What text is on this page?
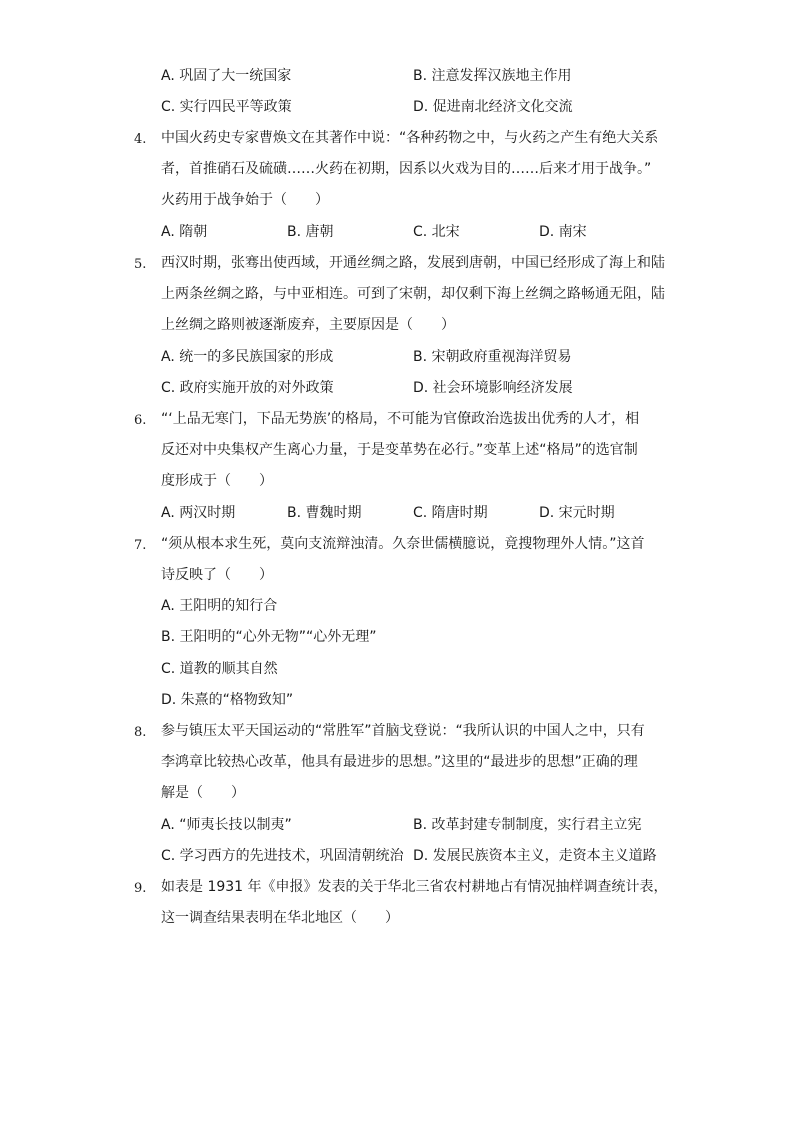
A. 巩固了大一统国家	B. 注意发挥汉族地主作用
C. 实行四民平等政策	D. 促进南北经济文化交流
4. 中国火药史专家曹焕文在其著作中说：“各种药物之中，与火药之产生有绝大关系
者，首推硝石及硫磺……火药在初期，因系以火戏为目的……后来才用于战争。”
火药用于战争始于（　　）
A. 隋朝	B. 唐朝	C. 北宋	D. 南宋
5. 西汉时期，张骞出使西域，开通丝绸之路，发展到唐朝，中国已经形成了海上和陆
上两条丝绸之路，与中亚相连。可到了宋朝，却仅剩下海上丝绸之路畅通无阻，陆
上丝绸之路则被逐渐废弃，主要原因是（　　）
A. 统一的多民族国家的形成	B. 宋朝政府重视海洋贸易
C. 政府实施开放的对外政策	D. 社会环境影响经济发展
6. “‘上品无寒门，下品无势族’的格局，不可能为官僚政治选拔出优秀的人才，相
反还对中央集权产生离心力量，于是变革势在必行。”变革上述“格局”的选官制
度形成于（　　）
A. 两汉时期	B. 曹魏时期	C. 隋唐时期	D. 宋元时期
7. “须从根本求生死，莫向支流辩浊清。久奈世儒横臆说，竟搜物理外人情。”这首
诗反映了（　　）
A. 王阳明的知行合
B. 王阳明的“心外无物”“心外无理”
C. 道教的顺其自然
D. 朱熹的“格物致知”
8. 参与镇压太平天国运动的“常胜军”首脑戈登说：“我所认识的中国人之中，只有
李鸿章比较热心改革，他具有最进步的思想。”这里的“最进步的思想”正确的理
解是（　　）
A. “师夷长技以制夷”	B. 改革封建专制制度，实行君主立宪
C. 学习西方的先进技术，巩固清朝统治 D. 发展民族资本主义，走资本主义道路
9. 如表是 1931 年《申报》发表的关于华北三省农村耕地占有情况抽样调查统计表，
这一调查结果表明在华北地区（　　）
